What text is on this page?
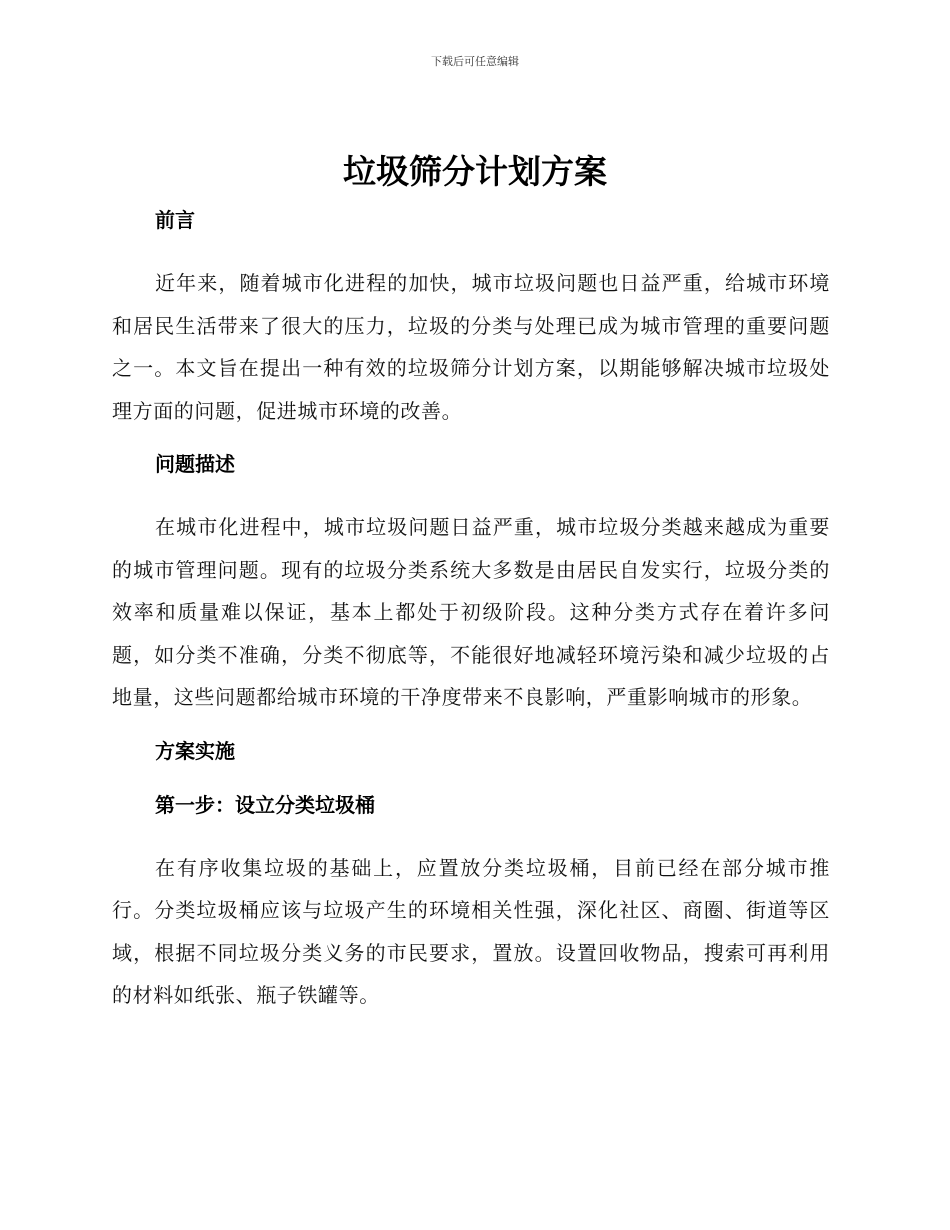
下载后可任意编辑
垃圾筛分计划方案
前言

近年来，随着城市化进程的加快，城市垃圾问题也日益严重，给城市环境和居民生活带来了很大的压力，垃圾的分类与处理已成为城市管理的重要问题之一。本文旨在提出一种有效的垃圾筛分计划方案，以期能够解决城市垃圾处理方面的问题，促进城市环境的改善。

问题描述

在城市化进程中，城市垃圾问题日益严重，城市垃圾分类越来越成为重要的城市管理问题。现有的垃圾分类系统大多数是由居民自发实行，垃圾分类的效率和质量难以保证，基本上都处于初级阶段。这种分类方式存在着许多问题，如分类不准确，分类不彻底等，不能很好地减轻环境污染和减少垃圾的占地量，这些问题都给城市环境的干净度带来不良影响，严重影响城市的形象。

方案实施
第一步：设立分类垃圾桶

在有序收集垃圾的基础上，应置放分类垃圾桶，目前已经在部分城市推行。分类垃圾桶应该与垃圾产生的环境相关性强，深化社区、商圈、街道等区域，根据不同垃圾分类义务的市民要求，置放。设置回收物品，搜索可再利用的材料如纸张、瓶子铁罐等。
